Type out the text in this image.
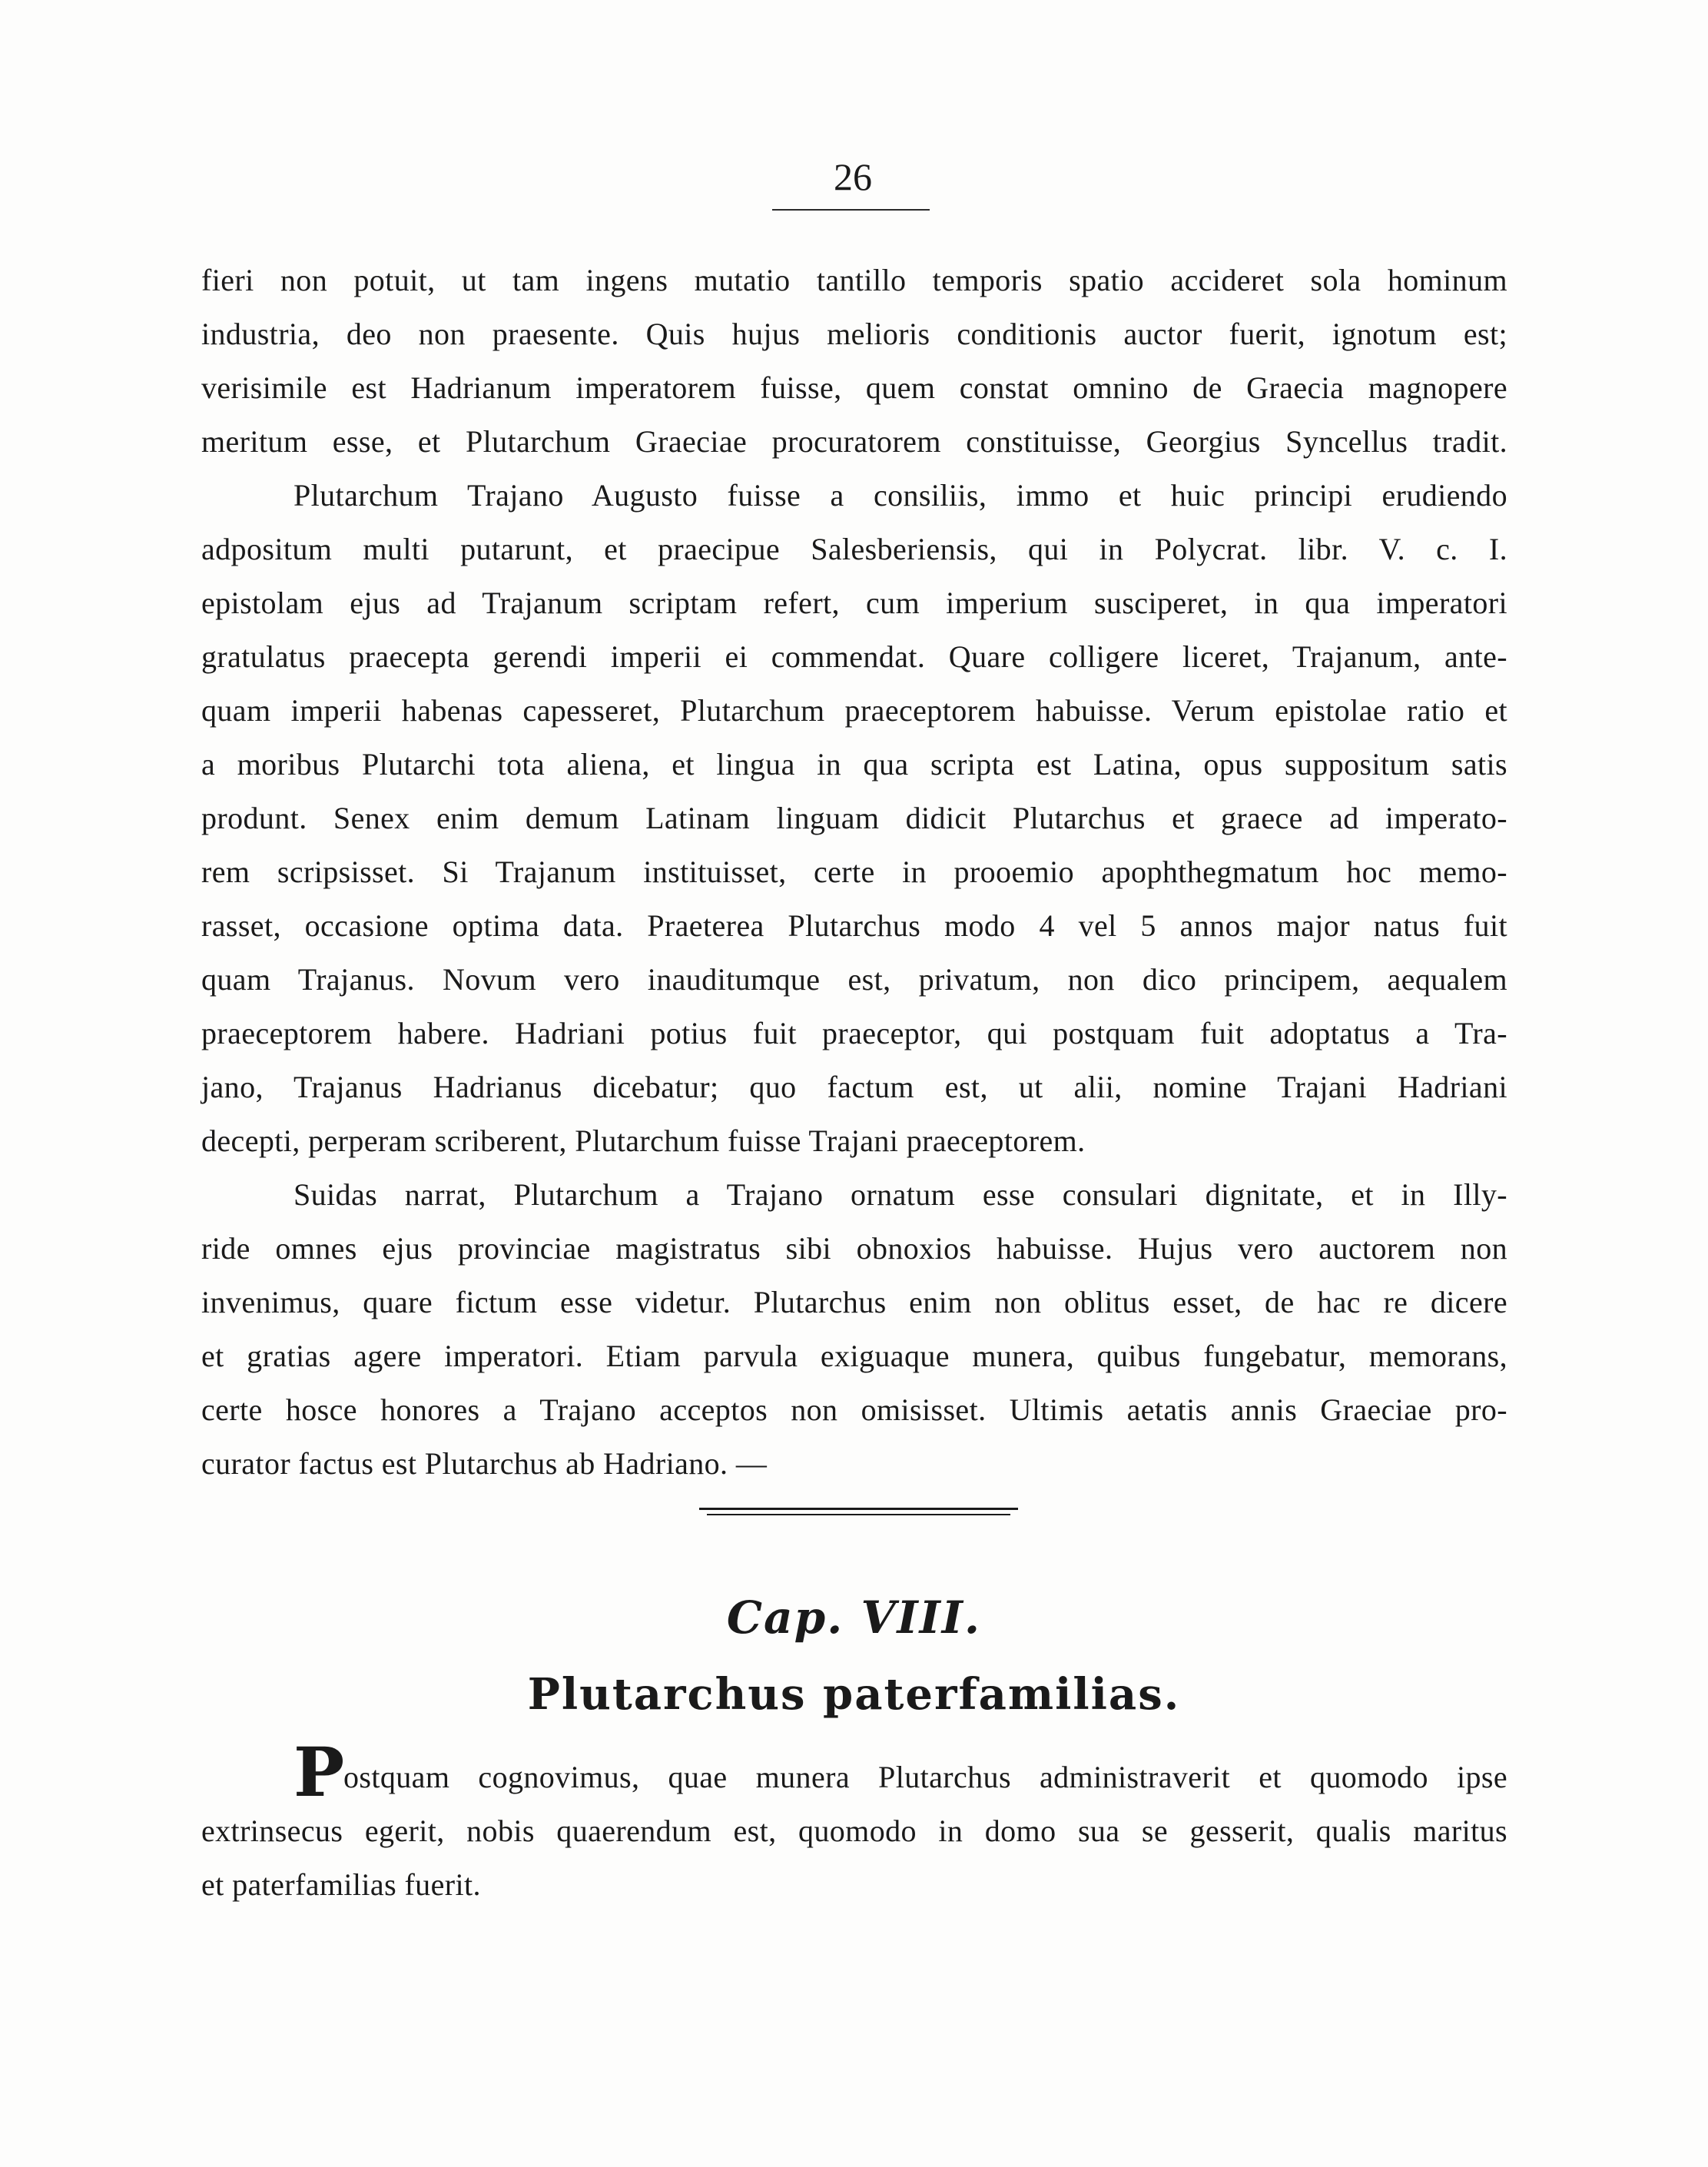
26
fieri non potuit, ut tam ingens mutatio tantillo temporis spatio accideret sola hominum
industria, deo non praesente. Quis hujus melioris conditionis auctor fuerit, ignotum est;
verisimile est Hadrianum imperatorem fuisse, quem constat omnino de Graecia magnopere
meritum esse, et Plutarchum Graeciae procuratorem constituisse, Georgius Syncellus tradit.
Plutarchum Trajano Augusto fuisse a consiliis, immo et huic principi erudiendo
adpositum multi putarunt, et praecipue Salesberiensis, qui in Polycrat. libr. V. c. I.
epistolam ejus ad Trajanum scriptam refert, cum imperium susciperet, in qua imperatori
gratulatus praecepta gerendi imperii ei commendat. Quare colligere liceret, Trajanum, ante-
quam imperii habenas capesseret, Plutarchum praeceptorem habuisse. Verum epistolae ratio et
a moribus Plutarchi tota aliena, et lingua in qua scripta est Latina, opus suppositum satis
produnt. Senex enim demum Latinam linguam didicit Plutarchus et graece ad imperato-
rem scripsisset. Si Trajanum instituisset, certe in prooemio apophthegmatum hoc memo-
rasset, occasione optima data. Praeterea Plutarchus modo 4 vel 5 annos major natus fuit
quam Trajanus. Novum vero inauditumque est, privatum, non dico principem, aequalem
praeceptorem habere. Hadriani potius fuit praeceptor, qui postquam fuit adoptatus a Tra-
jano, Trajanus Hadrianus dicebatur; quo factum est, ut alii, nomine Trajani Hadriani
decepti, perperam scriberent, Plutarchum fuisse Trajani praeceptorem.
Suidas narrat, Plutarchum a Trajano ornatum esse consulari dignitate, et in Illy-
ride omnes ejus provinciae magistratus sibi obnoxios habuisse. Hujus vero auctorem non
invenimus, quare fictum esse videtur. Plutarchus enim non oblitus esset, de hac re dicere
et gratias agere imperatori. Etiam parvula exiguaque munera, quibus fungebatur, memorans,
certe hosce honores a Trajano acceptos non omisisset. Ultimis aetatis annis Graeciae pro-
curator factus est Plutarchus ab Hadriano. —
Cap. VIII.
Plutarchus paterfamilias.
P
ostquam cognovimus, quae munera Plutarchus administraverit et quomodo ipse
extrinsecus egerit, nobis quaerendum est, quomodo in domo sua se gesserit, qualis maritus
et paterfamilias fuerit.
